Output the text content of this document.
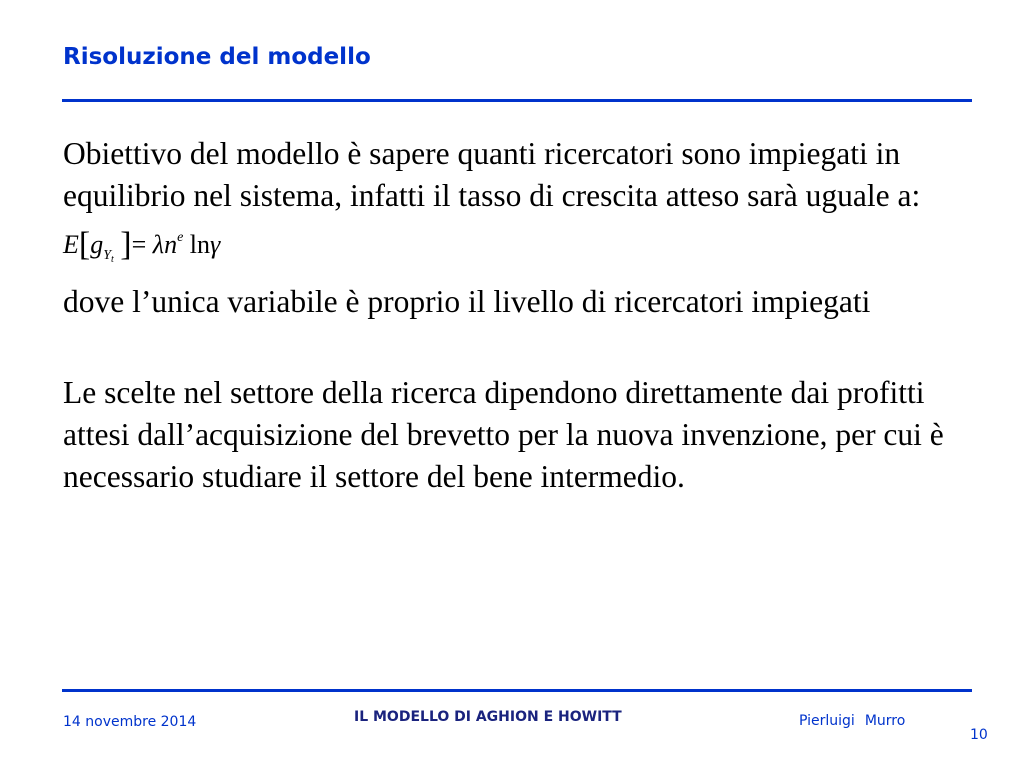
Risoluzione del modello

Obiettivo del modello è sapere quanti ricercatori sono impiegati in equilibrio nel sistema, infatti il tasso di crescita atteso sarà uguale a: $E[g_{Y_t}$ ]= $\lambda n^e$ lnγ

dove l’unica variabile è proprio il livello di ricercatori impiegati

Le scelte nel settore della ricerca dipendono direttamente dai profitti attesi dall’acquisizione del brevetto per la nuova invenzione, per cui è necessario studiare il settore del bene intermedio.

14 novembre 2014	IL MODELLO DI AGHION E HOWITT	Pierluigi Murro
10
